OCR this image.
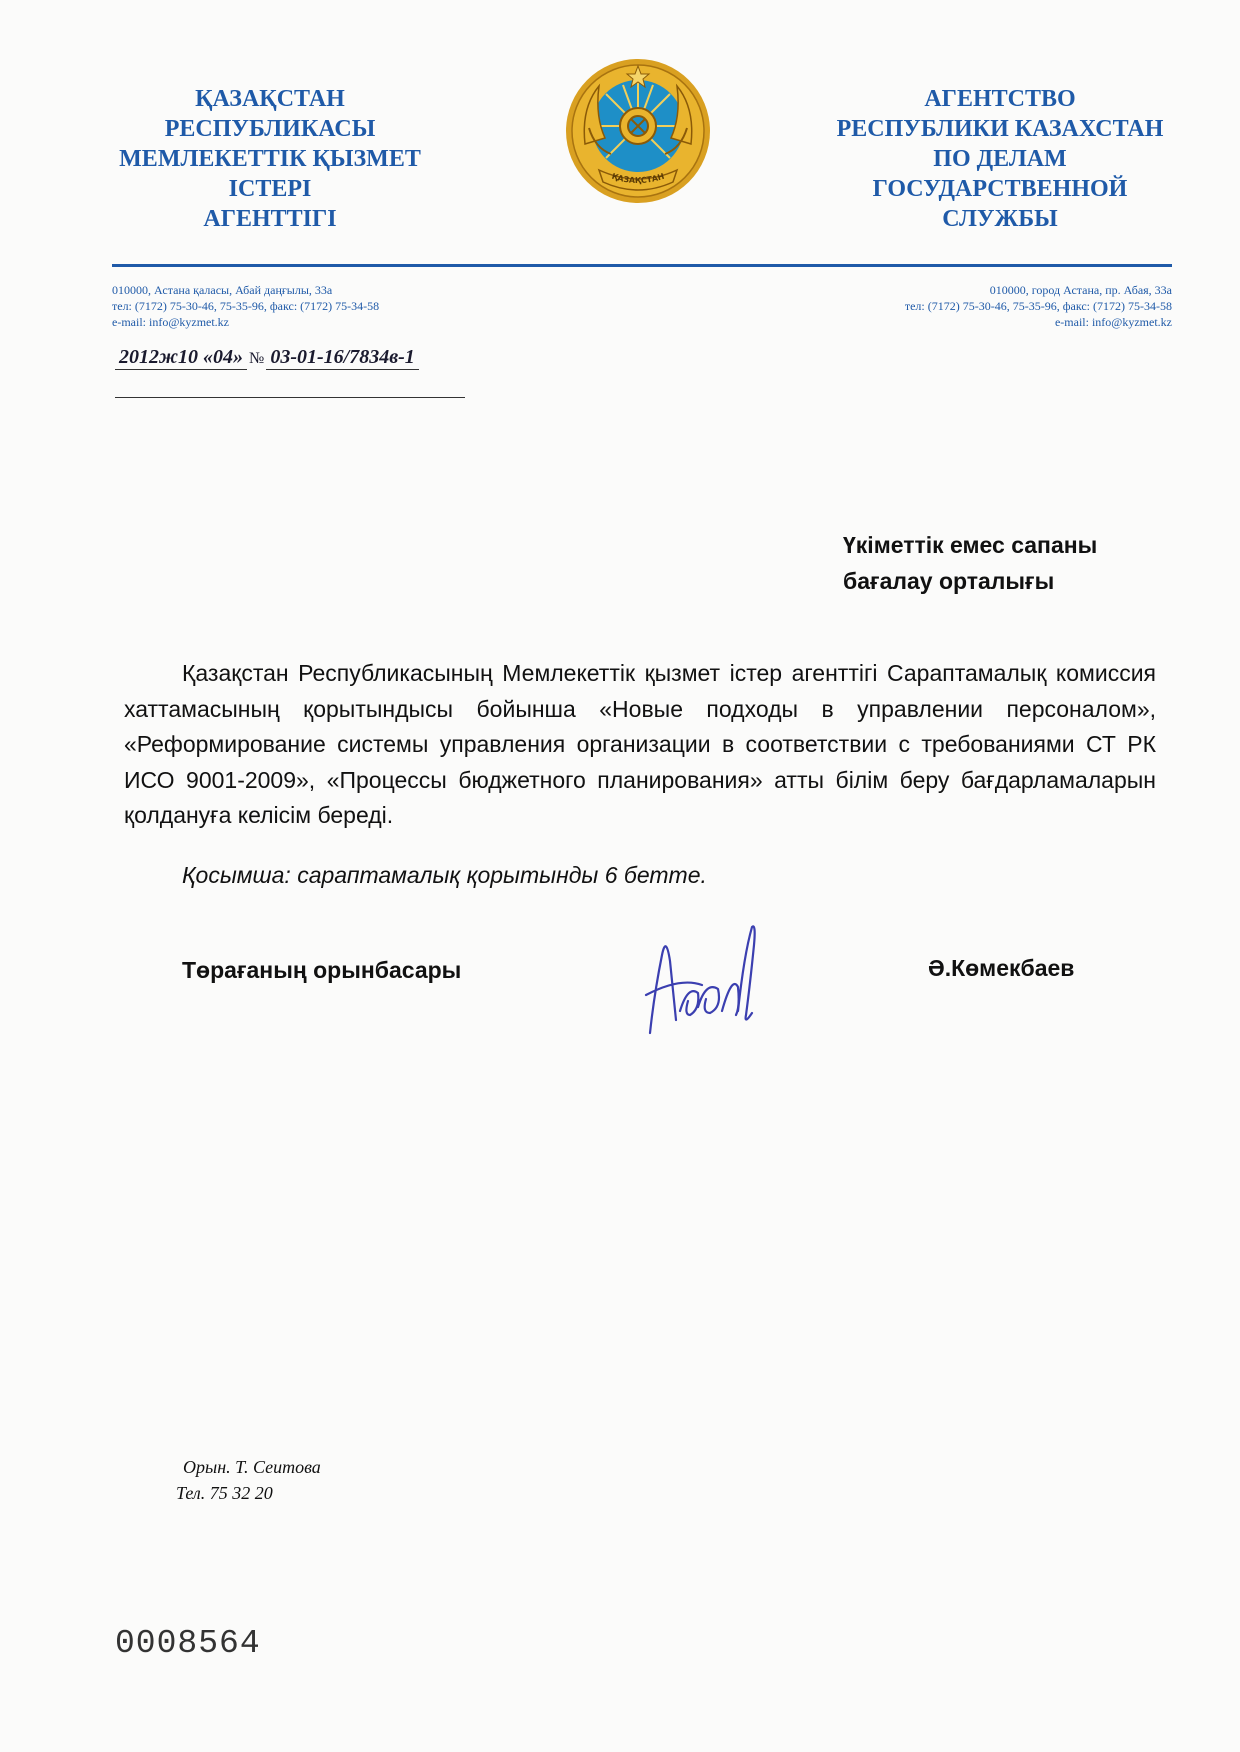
ҚАЗАҚСТАН
РЕСПУБЛИКАСЫ
МЕМЛЕКЕТТІК ҚЫЗМЕТ
ІСТЕРІ
АГЕНТТІГІ
ҚАЗАҚСТАН
АГЕНТСТВО
РЕСПУБЛИКИ КАЗАХСТАН
ПО ДЕЛАМ
ГОСУДАРСТВЕННОЙ
СЛУЖБЫ
010000, Астана қаласы, Абай даңғылы, 33а
тел: (7172) 75-30-46, 75-35-96, факс: (7172) 75-34-58
e-mail: info@kyzmet.kz
010000, город Астана, пр. Абая, 33а
тел: (7172) 75-30-46, 75-35-96, факс: (7172) 75-34-58
e-mail: info@kyzmet.kz
2012ж10 «04» № 03-01-16/7834в-1
Үкіметтік емес сапаны
бағалау орталығы

Қазақстан Республикасының Мемлекеттік қызмет істер агенттігі Сараптамалық комиссия хаттамасының қорытындысы бойынша «Новые подходы в управлении персоналом», «Реформирование системы управления организации в соответствии с требованиями СТ РК ИСО 9001-2009», «Процессы бюджетного планирования» атты білім беру бағдарламаларын қолдануға келісім береді.

Қосымша: сараптамалық қорытынды 6 бетте.
Төрағаның орынбасары	Ә.Көмекбаев
Орын. Т. Сеитова
Тел. 75 32 20
0008564
